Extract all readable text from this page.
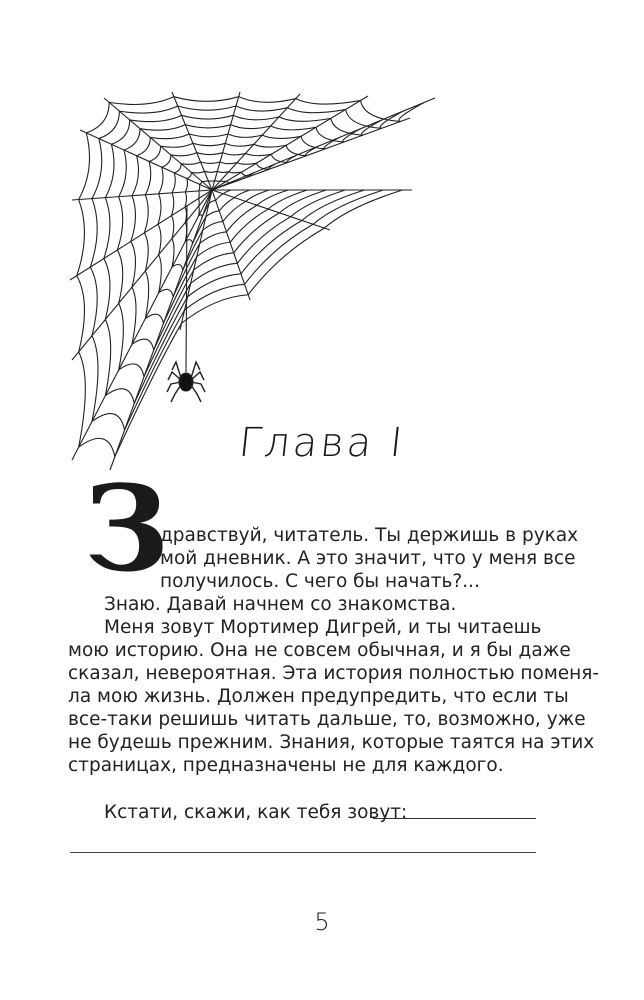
Глава I
З
дравствуй, читатель. Ты держишь в руках
мой дневник. А это значит, что у меня все
получилось. С чего бы начать?...
Знаю. Давай начнем со знакомства.
Меня зовут Мортимер Дигрей, и ты читаешь
мою историю. Она не совсем обычная, и я бы даже
сказал, невероятная. Эта история полностью поменя-
ла мою жизнь. Должен предупредить, что если ты
все-таки решишь читать дальше, то, возможно, уже
не будешь прежним. Знания, которые таятся на этих
страницах, предназначены не для каждого.
Кстати, скажи, как тебя зовут:
5
